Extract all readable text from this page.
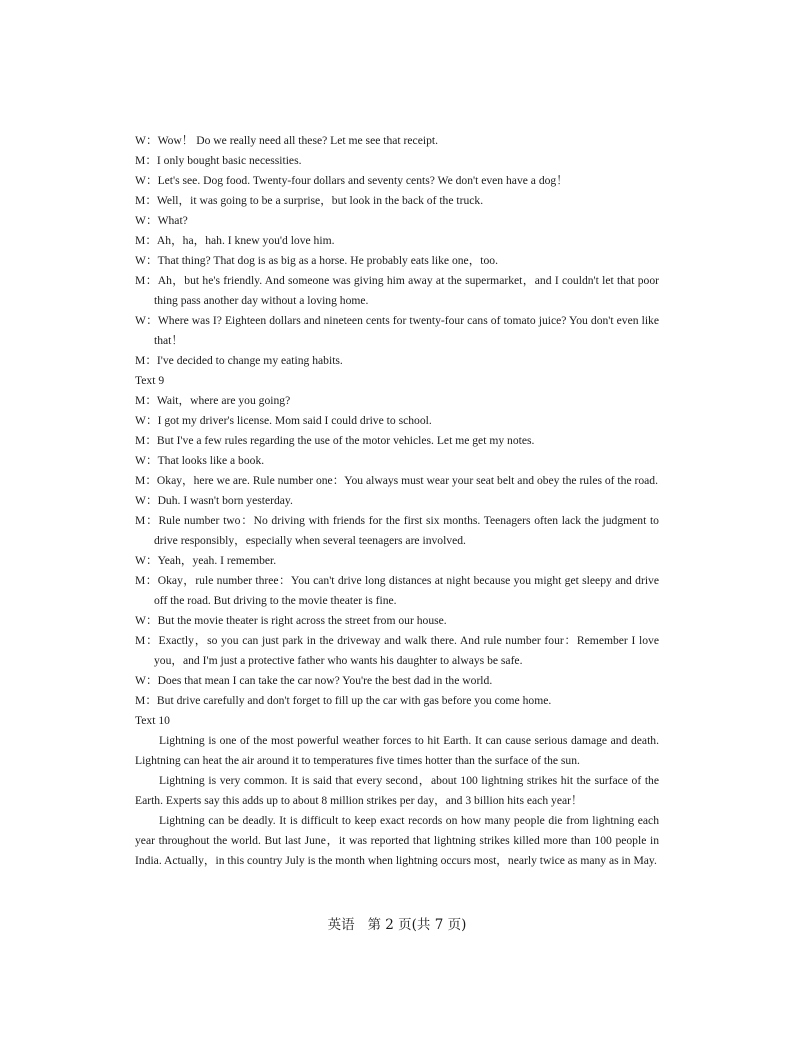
W：Wow！ Do we really need all these? Let me see that receipt.
M：I only bought basic necessities.
W：Let's see. Dog food. Twenty-four dollars and seventy cents? We don't even have a dog！
M：Well，it was going to be a surprise，but look in the back of the truck.
W：What?
M：Ah，ha，hah. I knew you'd love him.
W：That thing? That dog is as big as a horse. He probably eats like one，too.
M：Ah，but he's friendly. And someone was giving him away at the supermarket，and I couldn't let that poor thing pass another day without a loving home.
W：Where was I? Eighteen dollars and nineteen cents for twenty-four cans of tomato juice? You don't even like that！
M：I've decided to change my eating habits.
Text 9
M：Wait，where are you going?
W：I got my driver's license. Mom said I could drive to school.
M：But I've a few rules regarding the use of the motor vehicles. Let me get my notes.
W：That looks like a book.
M：Okay，here we are. Rule number one：You always must wear your seat belt and obey the rules of the road.
W：Duh. I wasn't born yesterday.
M：Rule number two：No driving with friends for the first six months. Teenagers often lack the judgment to drive responsibly，especially when several teenagers are involved.
W：Yeah，yeah. I remember.
M：Okay，rule number three：You can't drive long distances at night because you might get sleepy and drive off the road. But driving to the movie theater is fine.
W：But the movie theater is right across the street from our house.
M：Exactly，so you can just park in the driveway and walk there. And rule number four：Remember I love you，and I'm just a protective father who wants his daughter to always be safe.
W：Does that mean I can take the car now? You're the best dad in the world.
M：But drive carefully and don't forget to fill up the car with gas before you come home.
Text 10
Lightning is one of the most powerful weather forces to hit Earth. It can cause serious damage and death. Lightning can heat the air around it to temperatures five times hotter than the surface of the sun.
Lightning is very common. It is said that every second，about 100 lightning strikes hit the surface of the Earth. Experts say this adds up to about 8 million strikes per day，and 3 billion hits each year！
Lightning can be deadly. It is difficult to keep exact records on how many people die from lightning each year throughout the world. But last June，it was reported that lightning strikes killed more than 100 people in India. Actually，in this country July is the month when lightning occurs most，nearly twice as many as in May.
英语   第 2 页(共 7 页)
